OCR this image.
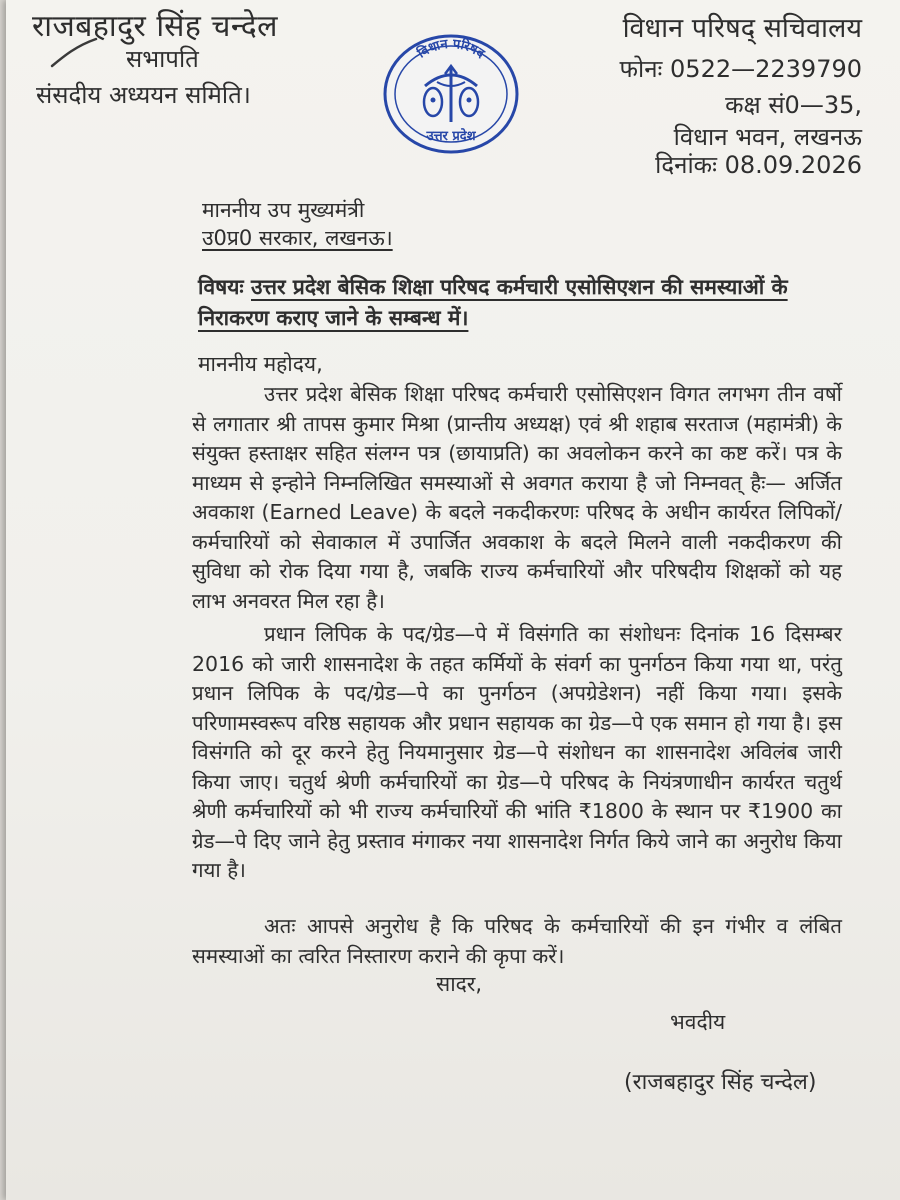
राजबहादुर सिंह चन्देल
सभापति
संसदीय अध्ययन समिति।
विधान परिषद
उत्तर प्रदेश
विधान परिषद् सचिवालय
फोनः 0522—2239790
कक्ष सं0—35,
विधान भवन, लखनऊ
दिनांकः 08.09.2026
माननीय उप मुख्यमंत्री
उ0प्र0 सरकार, लखनऊ।
विषयः उत्तर प्रदेश बेसिक शिक्षा परिषद कर्मचारी एसोसिएशन की समस्याओं के निराकरण कराए जाने के सम्बन्ध में।
माननीय महोदय,
उत्तर प्रदेश बेसिक शिक्षा परिषद कर्मचारी एसोसिएशन विगत लगभग तीन वर्षो से लगातार श्री तापस कुमार मिश्रा (प्रान्तीय अध्यक्ष) एवं श्री शहाब सरताज (महामंत्री) के संयुक्त हस्ताक्षर सहित संलग्न पत्र (छायाप्रति) का अवलोकन करने का कष्ट करें। पत्र के माध्यम से इन्होने निम्नलिखित समस्याओं से अवगत कराया है जो निम्नवत् हैः— अर्जित अवकाश (Earned Leave) के बदले नकदीकरणः परिषद के अधीन कार्यरत लिपिकों/कर्मचारियों को सेवाकाल में उपार्जित अवकाश के बदले मिलने वाली नकदीकरण की सुविधा को रोक दिया गया है, जबकि राज्य कर्मचारियों और परिषदीय शिक्षकों को यह लाभ अनवरत मिल रहा है।
प्रधान लिपिक के पद/ग्रेड—पे में विसंगति का संशोधनः दिनांक 16 दिसम्बर 2016 को जारी शासनादेश के तहत कर्मियों के संवर्ग का पुनर्गठन किया गया था, परंतु प्रधान लिपिक के पद/ग्रेड—पे का पुनर्गठन (अपग्रेडेशन) नहीं किया गया। इसके परिणामस्वरूप वरिष्ठ सहायक और प्रधान सहायक का ग्रेड—पे एक समान हो गया है। इस विसंगति को दूर करने हेतु नियमानुसार ग्रेड—पे संशोधन का शासनादेश अविलंब जारी किया जाए। चतुर्थ श्रेणी कर्मचारियों का ग्रेड—पे परिषद के नियंत्रणाधीन कार्यरत चतुर्थ श्रेणी कर्मचारियों को भी राज्य कर्मचारियों की भांति ₹1800 के स्थान पर ₹1900 का ग्रेड—पे दिए जाने हेतु प्रस्ताव मंगाकर नया शासनादेश निर्गत किये जाने का अनुरोध किया गया है।
अतः आपसे अनुरोध है कि परिषद के कर्मचारियों की इन गंभीर व लंबित समस्याओं का त्वरित निस्तारण कराने की कृपा करें।
सादर,
भवदीय
(राजबहादुर सिंह चन्देल)
